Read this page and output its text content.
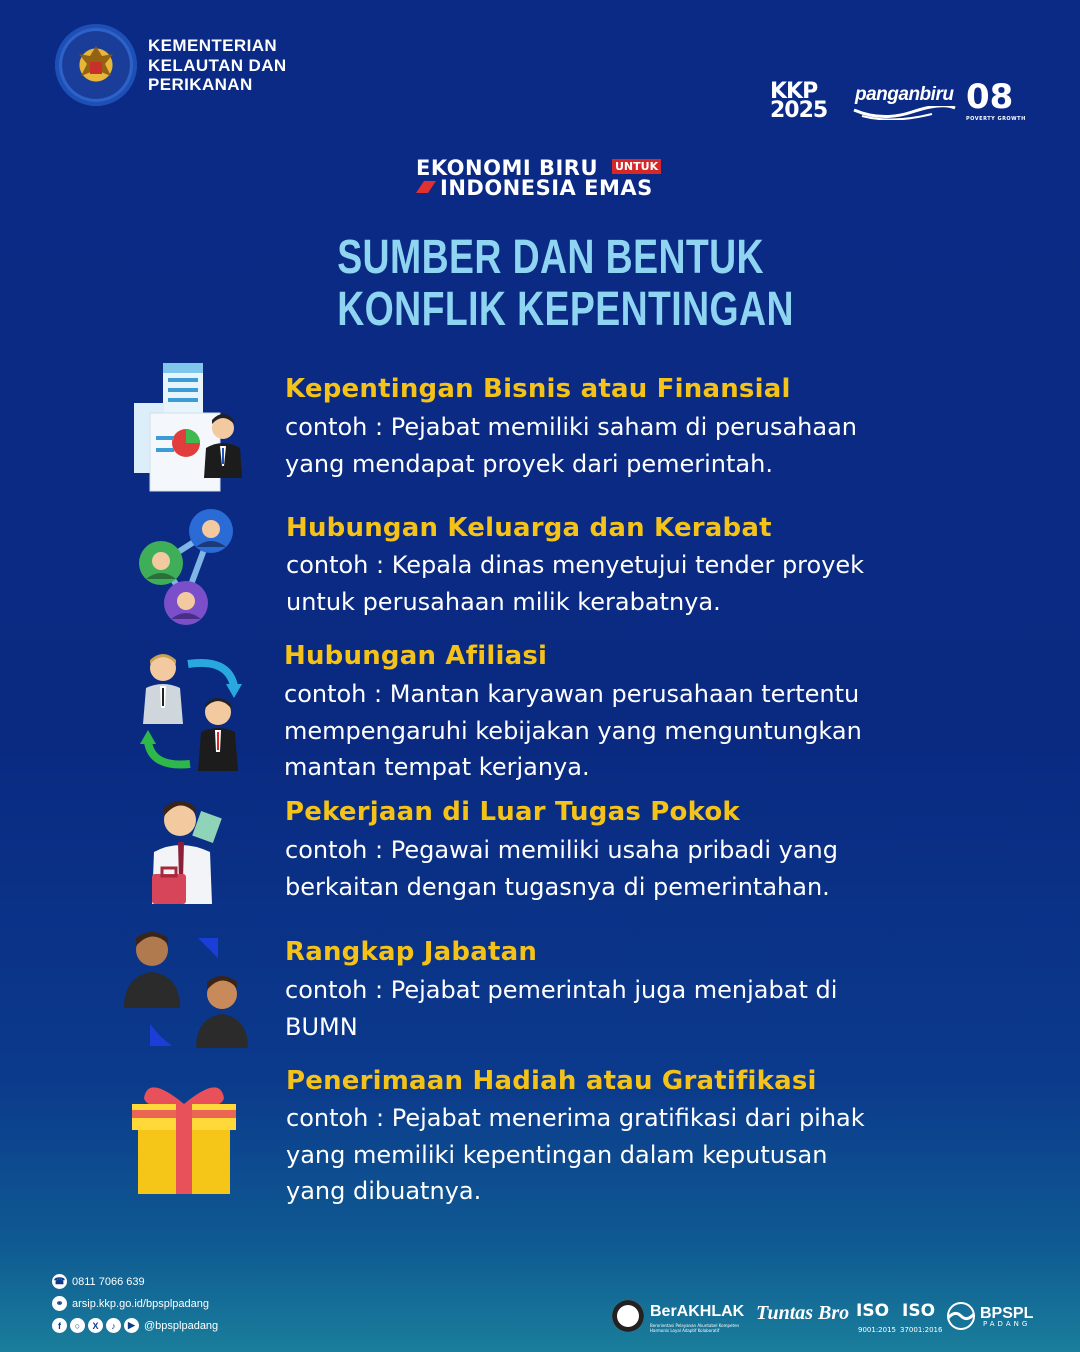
KEMENTERIAN
KELAUTAN DAN
PERIKANAN	KKP
2025
panganbiru 08
POVERTY GROWTH
EKONOMI BIRU UNTUK
INDONESIA EMAS
SUMBER DAN BENTUK
KONFLIK KEPENTINGAN
Kepentingan Bisnis atau Finansial
contoh : Pejabat memiliki saham di perusahaan
yang mendapat proyek dari pemerintah.
Hubungan Keluarga dan Kerabat
contoh : Kepala dinas menyetujui tender proyek
untuk perusahaan milik kerabatnya.
Hubungan Afiliasi
contoh : Mantan karyawan perusahaan tertentu
mempengaruhi kebijakan yang menguntungkan
mantan tempat kerjanya.
Pekerjaan di Luar Tugas Pokok
contoh : Pegawai memiliki usaha pribadi yang
berkaitan dengan tugasnya di pemerintahan.
Rangkap Jabatan
contoh : Pejabat pemerintah juga menjabat di
BUMN
Penerimaan Hadiah atau Gratifikasi
contoh : Pejabat menerima gratifikasi dari pihak
yang memiliki kepentingan dalam keputusan
yang dibuatnya.
☎ 0811 7066 639
⚭ arsip.kkp.go.id/bpsplpadang
f	○	X	♪	▶ @bpsplpadang
BerAKHLAK
Berorientasi Pelayanan Akuntabel Kompeten Harmonis Loyal Adaptif Kolaboratif
Tuntas Bro ISO
9001:2015
ISO
37001:2016
BPSPL
PADANG
